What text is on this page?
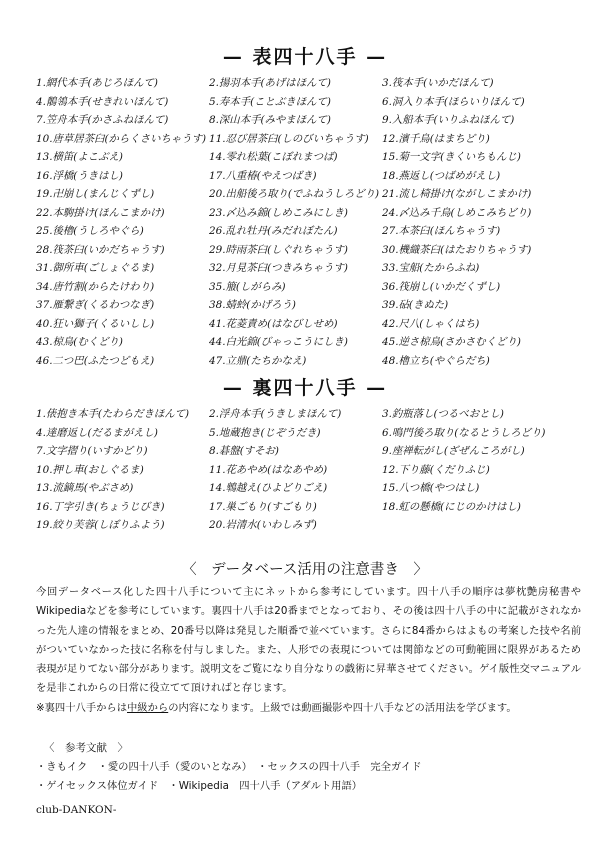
— 表四十八手 —
1.網代本手(あじろほんて)	2.揚羽本手(あげはほんて)	3.筏本手(いかだほんて)
4.鶺鴒本手(せきれいほんて)	5.寿本手(ことぶきほんて)	6.洞入り本手(ほらいりほんて)
7.笠舟本手(かさふねほんて)	8.深山本手(みやまほんて)	9.入船本手(いりふねほんて)
10.唐草居茶臼(からくさいちゃうす) 11.忍び居茶臼(しのびいちゃうす)	12.濱千鳥(はまちどり)
13.横笛(よこぶえ)	14.零れ松葉(こぼれまつば)	15.菊一文字(きくいちもんじ)
16.浮橋(うきはし)	17.八重椿(やえつばき)	18.燕返し(つばめがえし)
19.卍崩し(まんじくずし)	20.出船後ろ取り(でふねうしろどり) 21.流し椅掛け(ながしこまかけ)
22.本駒掛け(ほんこまかけ)	23.〆込み錦(しめこみにしき)	24.〆込み千鳥(しめこみちどり)
25.後櫓(うしろやぐら)	26.乱れ牡丹(みだれぼたん)	27.本茶臼(ほんちゃうす)
28.筏茶臼(いかだちゃうす)	29.時雨茶臼(しぐれちゃうす)	30.機織茶臼(はたおりちゃうす)
31.御所車(ごしょぐるま)	32.月見茶臼(つきみちゃうす)	33.宝船(たからふね)
34.唐竹割(からたけわり)	35.箙(しがらみ)	36.筏崩し(いかだくずし)
37.雁繋ぎ(くるわつなぎ)	38.蜻蛉(かげろう)	39.砧(きぬた)
40.狂い獅子(くるいしし)	41.花菱責め(はなびしせめ)	42.尺八(しゃくはち)
43.椋鳥(むくどり)	44.白光錦(びゃっこうにしき)	45.逆さ椋鳥(さかさむくどり)
46.二つ巴(ふたつどもえ)	47.立鼎(たちかなえ)	48.櫓立ち(やぐらだち)
— 裏四十八手 —
1.俵抱き本手(たわらだきほんて)	2.浮舟本手(うきしまほんて)	3.釣瓶落し(つるべおとし)
4.達磨返し(だるまがえし)	5.地蔵抱き(じぞうだき)	6.鳴門後ろ取り(なるとうしろどり)
7.文字摺り(いすかどり)	8.碁盤(すそお)	9.座禅転がし(ざぜんころがし)
10.押し車(おしぐるま)	11.花あやめ(はなあやめ)	12.下り藤(くだりふじ)
13.流鏑馬(やぶさめ)	14.鵯越え(ひよどりごえ)	15.八つ橋(やつはし)
16.丁字引き(ちょうじびき)	17.巣ごもり(すごもり)	18.虹の懸橋(にじのかけはし)
19.絞り芙蓉(しぼりふよう)	20.岩清水(いわしみず)
〈　データベース活用の注意書き　〉

今回データベース化した四十八手について主にネットから参考にしています。四十八手の順序は夢枕艶房秘書やWikipediaなどを参考にしています。裏四十八手は20番までとなっており、その後は四十八手の中に記載がされなかった先人達の情報をまとめ、20番号以降は発見した順番で並べています。さらに84番からはよもの考案した技や名前がついていなかった技に名称を付与しました。また、人形での表現については関節などの可動範囲に限界があるため表現が足りてない部分があります。説明文をご覧になり自分なりの戯術に昇華させてください。ゲイ版性交マニュアルを是非これからの日常に役立てて頂ければと存じます。

※裏四十八手からは中級からの内容になります。上級では動画撮影や四十八手などの活用法を学びます。

〈　参考文献　〉
・きもイク　・愛の四十八手（愛のいとなみ）　・セックスの四十八手　完全ガイド
・ゲイセックス体位ガイド　・Wikipedia　四十八手（アダルト用語）
club-DANKON-
